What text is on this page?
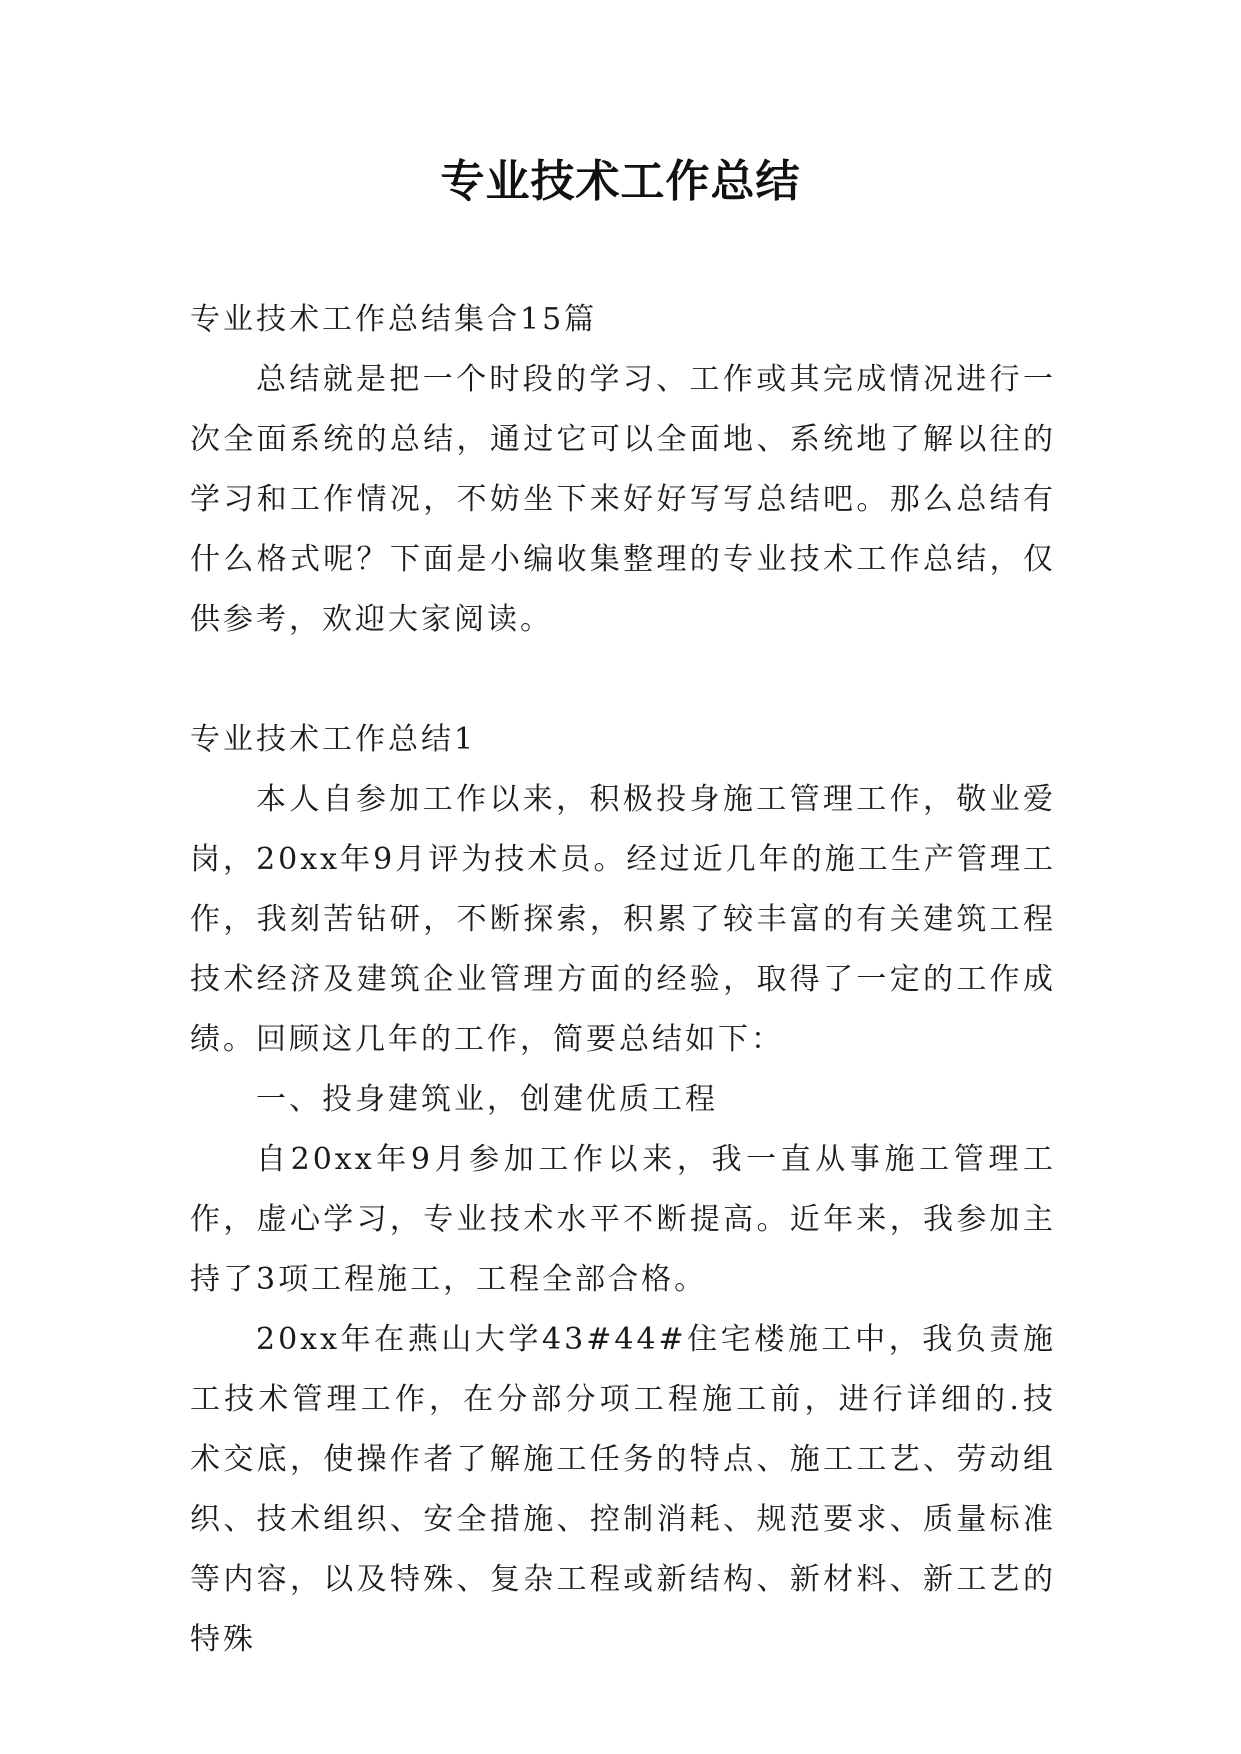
专业技术工作总结

专业技术工作总结集合15篇

总结就是把一个时段的学习、工作或其完成情况进行一次全面系统的总结，通过它可以全面地、系统地了解以往的学习和工作情况，不妨坐下来好好写写总结吧。那么总结有什么格式呢？下面是小编收集整理的专业技术工作总结，仅供参考，欢迎大家阅读。

专业技术工作总结1

本人自参加工作以来，积极投身施工管理工作，敬业爱岗，20xx年9月评为技术员。经过近几年的施工生产管理工作，我刻苦钻研，不断探索，积累了较丰富的有关建筑工程技术经济及建筑企业管理方面的经验，取得了一定的工作成绩。回顾这几年的工作，简要总结如下：

一、投身建筑业，创建优质工程

自20xx年9月参加工作以来，我一直从事施工管理工作，虚心学习，专业技术水平不断提高。近年来，我参加主持了3项工程施工，工程全部合格。

20xx年在燕山大学43#44#住宅楼施工中，我负责施工技术管理工作，在分部分项工程施工前，进行详细的.技术交底，使操作者了解施工任务的特点、施工工艺、劳动组织、技术组织、安全措施、控制消耗、规范要求、质量标准等内容，以及特殊、复杂工程或新结构、新材料、新工艺的特殊
